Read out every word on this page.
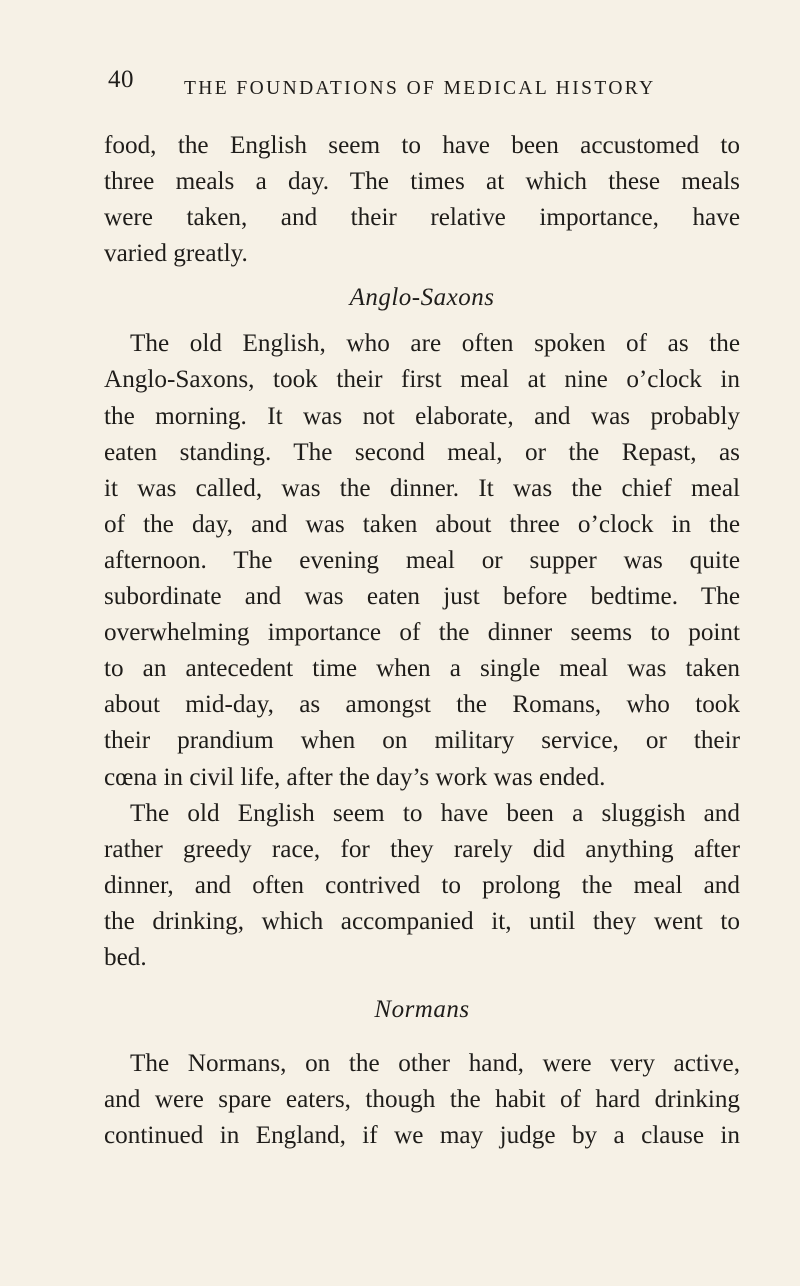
40	THE FOUNDATIONS OF MEDICAL HISTORY
food, the English seem to have been accustomed to
three meals a day. The times at which these meals
were taken, and their relative importance, have
varied greatly.
Anglo-Saxons
The old English, who are often spoken of as the
Anglo-Saxons, took their first meal at nine o’clock in
the morning. It was not elaborate, and was probably
eaten standing. The second meal, or the Repast, as
it was called, was the dinner. It was the chief meal
of the day, and was taken about three o’clock in the
afternoon. The evening meal or supper was quite
subordinate and was eaten just before bedtime. The
overwhelming importance of the dinner seems to point
to an antecedent time when a single meal was taken
about mid-day, as amongst the Romans, who took
their prandium when on military service, or their
cœna in civil life, after the day’s work was ended.
The old English seem to have been a sluggish and
rather greedy race, for they rarely did anything after
dinner, and often contrived to prolong the meal and
the drinking, which accompanied it, until they went to
bed.
Normans
The Normans, on the other hand, were very active,
and were spare eaters, though the habit of hard drinking
continued in England, if we may judge by a clause in
